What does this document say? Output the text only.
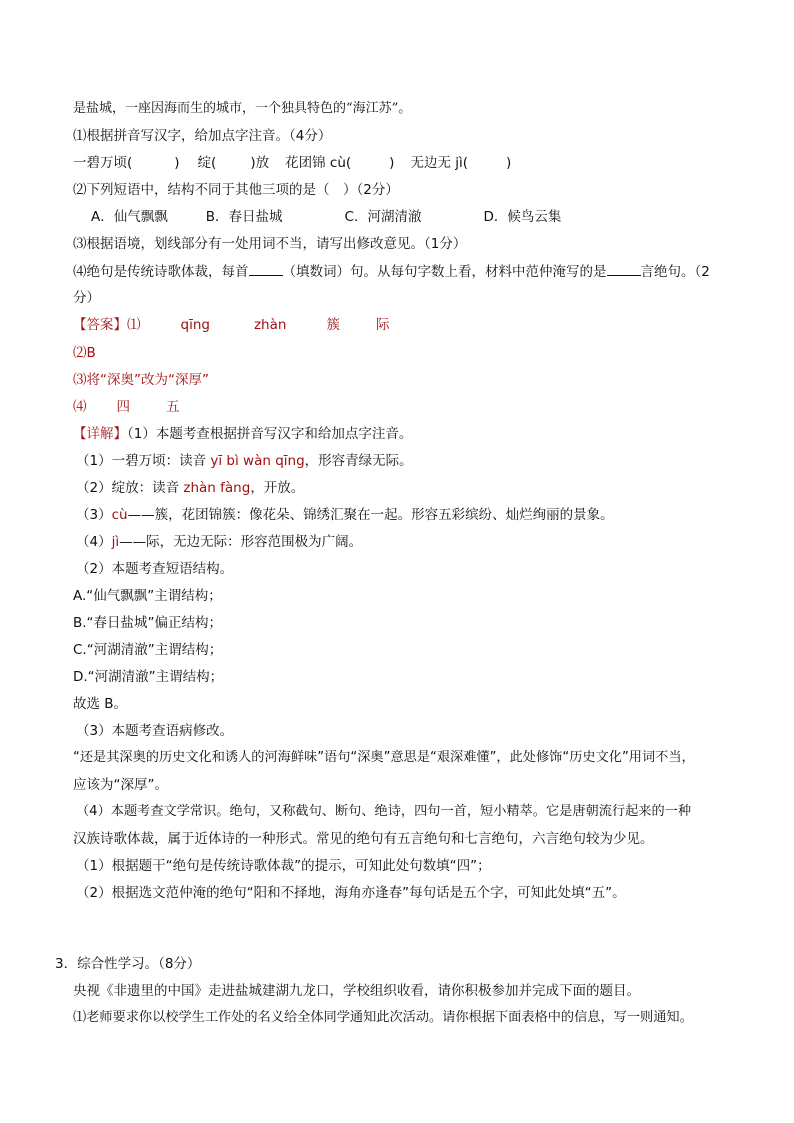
是盐城，一座因海而生的城市，一个独具特色的“海江苏”。
⑴根据拼音写汉字，给加点字注音。（4分）
一碧万顷(	) 绽(	)放 花团锦 cù(	) 无边无 jì(	)
⑵下列短语中，结构不同于其他三项的是（　）（2分）
A．仙气飘飘	B．春日盐城	C．河湖清澈	D．候鸟云集
⑶根据语境，划线部分有一处用词不当，请写出修改意见。（1分）
⑷绝句是传统诗歌体裁，每首	（填数词）句。从每句字数上看，材料中范仲淹写的是	言绝句。（2
分）
【答案】⑴	qīng	zhàn	簇	际
⑵B
⑶将“深奥”改为“深厚”
⑷ 四	五
【详解】（1）本题考查根据拼音写汉字和给加点字注音。
（1）一碧万顷：读音 yī bì wàn qīng，形容青绿无际。
（2）绽放：读音 zhàn fàng，开放。
（3）cù——簇，花团锦簇：像花朵、锦绣汇聚在一起。形容五彩缤纷、灿烂绚丽的景象。
（4）jì——际，无边无际：形容范围极为广阔。
（2）本题考查短语结构。
A.“仙气飘飘”主谓结构；
B.“春日盐城”偏正结构；
C.“河湖清澈”主谓结构；
D.“河湖清澈”主谓结构；
故选 B。
（3）本题考查语病修改。
“还是其深奥的历史文化和诱人的河海鲜味”语句“深奥”意思是“艰深难懂”，此处修饰“历史文化”用词不当，
应该为“深厚”。
（4）本题考查文学常识。绝句，又称截句、断句、绝诗，四句一首，短小精萃。它是唐朝流行起来的一种
汉族诗歌体裁，属于近体诗的一种形式。常见的绝句有五言绝句和七言绝句，六言绝句较为少见。
（1）根据题干“绝句是传统诗歌体裁”的提示，可知此处句数填“四”；
（2）根据选文范仲淹的绝句“阳和不择地，海角亦逢春”每句话是五个字，可知此处填“五”。
3．综合性学习。（8分）
央视《非遗里的中国》走进盐城建湖九龙口，学校组织收看，请你积极参加并完成下面的题目。
⑴老师要求你以校学生工作处的名义给全体同学通知此次活动。请你根据下面表格中的信息，写一则通知。
